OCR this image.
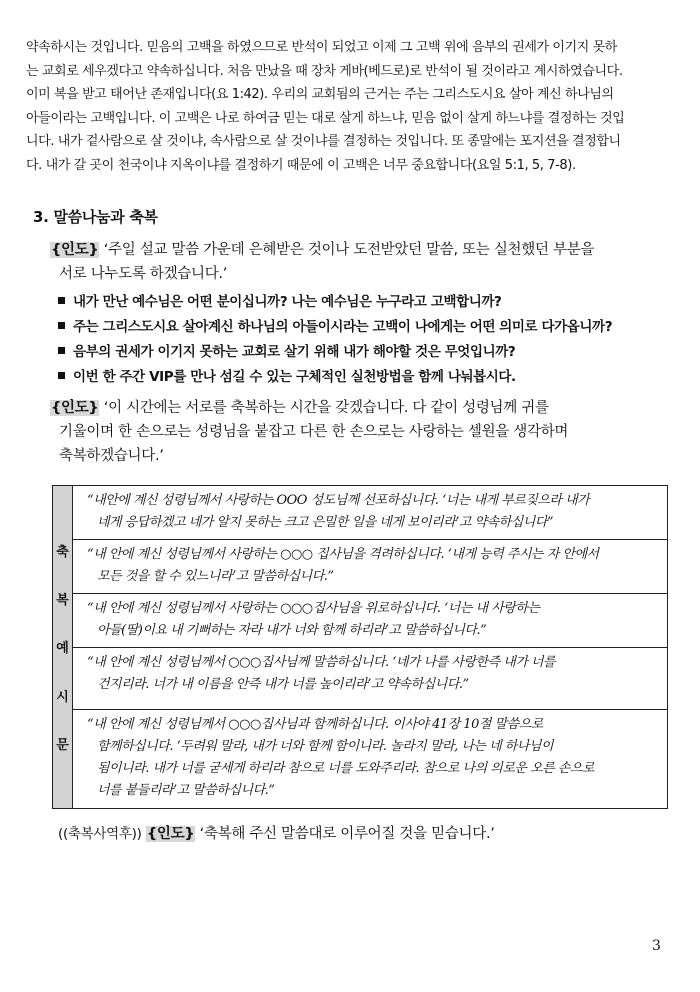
약속하시는 것입니다. 믿음의 고백을 하였으므로 반석이 되었고 이제 그 고백 위에 음부의 권세가 이기지 못하
는 교회로 세우겠다고 약속하십니다. 처음 만났을 때 장차 게바(베드로)로 반석이 될 것이라고 계시하였습니다.
이미 복을 받고 태어난 존재입니다(요 1:42). 우리의 교회됨의 근거는 주는 그리스도시요 살아 계신 하나님의
아들이라는 고백입니다. 이 고백은 나로 하여금 믿는 대로 살게 하느냐, 믿음 없이 살게 하느냐를 결정하는 것입
니다. 내가 겉사람으로 살 것이냐, 속사람으로 살 것이냐를 결정하는 것입니다. 또 종말에는 포지션을 결정합니
다. 내가 갈 곳이 천국이냐 지옥이냐를 결정하기 때문에 이 고백은 너무 중요합니다(요일 5:1, 5, 7-8).
3. 말씀나눔과 축복
{인도} ‘주일 설교 말씀 가운데 은혜받은 것이나 도전받았던 말씀, 또는 실천했던 부분을
서로 나누도록 하겠습니다.’
내가 만난 예수님은 어떤 분이십니까? 나는 예수님은 누구라고 고백합니까?
주는 그리스도시요 살아계신 하나님의 아들이시라는 고백이 나에게는 어떤 의미로 다가옵니까?
음부의 권세가 이기지 못하는 교회로 살기 위해 내가 해야할 것은 무엇입니까?
이번 한 주간 VIP를 만나 섬길 수 있는 구체적인 실천방법을 함께 나눠봅시다.
{인도} ‘이 시간에는 서로를 축복하는 시간을 갖겠습니다. 다 같이 성령님께 귀를
기울이며 한 손으로는 성령님을 붙잡고 다른 한 손으로는 사랑하는 셀원을 생각하며
축복하겠습니다.’
축
복
예
시
문
“내안에 계신 성령님께서 사랑하는 OOO 성도님께 선포하십니다. ‘너는 내게 부르짖으라 내가
네게 응답하겠고 네가 알지 못하는 크고 은밀한 일을 네게 보이리라’고 약속하십니다”
“내 안에 계신 성령님께서 사랑하는 ○○○ 집사님을 격려하십니다. ‘내게 능력 주시는 자 안에서
모든 것을 할 수 있느니라’고 말씀하십니다.”
“내 안에 계신 성령님께서 사랑하는 ○○○집사님을 위로하십니다. ‘너는 내 사랑하는
아들(딸)이요 내 기뻐하는 자라 내가 너와 함께 하리라’고 말씀하십니다.”
“내 안에 계신 성령님께서 ○○○집사님께 말씀하십니다. ‘네가 나를 사랑한즉 내가 너를
건지리라. 너가 내 이름을 안즉 내가 너를 높이리라’고 약속하십니다.”
“내 안에 계신 성령님께서 ○○○집사님과 함께하십니다. 이사야 41장 10절 말씀으로
함께하십니다. ‘두려워 말라, 내가 너와 함께 함이니라. 놀라지 말라, 나는 네 하나님이
됨이니라. 내가 너를 굳세게 하리라 참으로 너를 도와주리라. 참으로 나의 의로운 오른 손으로
너를 붙들리라’고 말씀하십니다.”
((축복사역후)) {인도} ‘축복해 주신 말씀대로 이루어질 것을 믿습니다.’
3
